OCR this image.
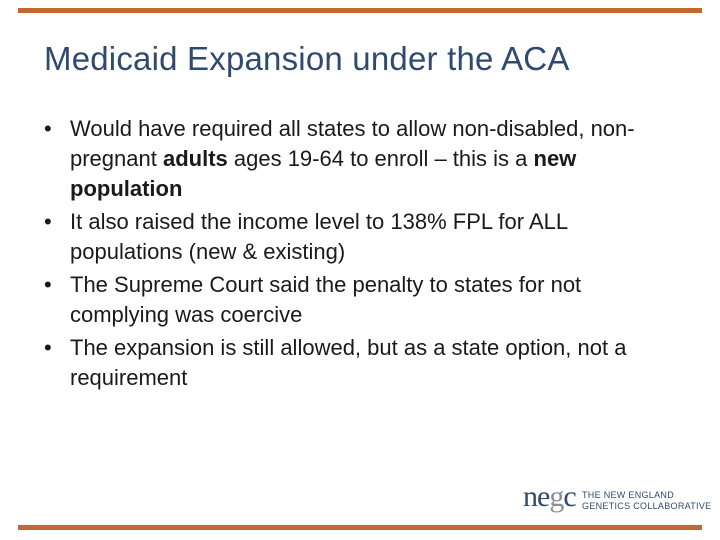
Medicaid Expansion under the ACA
• Would have required all states to allow non-disabled, non-pregnant adults ages 19-64 to enroll – this is a new population
• It also raised the income level to 138% FPL for ALL populations (new & existing)
• The Supreme Court said the penalty to states for not complying was coercive
• The expansion is still allowed, but as a state option, not a requirement
negc THE NEW ENGLAND
GENETICS COLLABORATIVE
